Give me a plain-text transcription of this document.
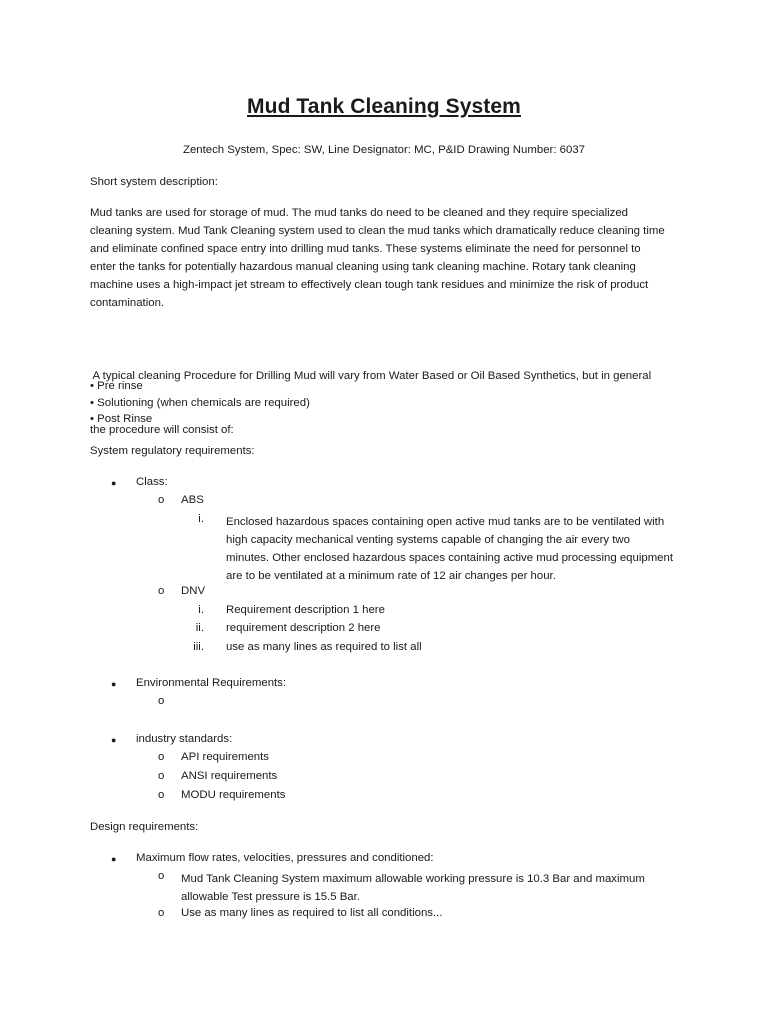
Mud Tank Cleaning System
Zentech System, Spec: SW, Line Designator: MC, P&ID Drawing Number: 6037
Short system description:
Mud tanks are used for storage of mud. The mud tanks do need to be cleaned and they require specialized
cleaning system. Mud Tank Cleaning system used to clean the mud tanks which dramatically reduce cleaning time
and eliminate confined space entry into drilling mud tanks. These systems eliminate the need for personnel to
enter the tanks for potentially hazardous manual cleaning using tank cleaning machine. Rotary tank cleaning
machine uses a high-impact jet stream to effectively clean tough tank residues and minimize the risk of product
contamination.

A typical cleaning Procedure for Drilling Mud will vary from Water Based or Oil Based Synthetics, but in general

the procedure will consist of:

• Pre rinse
• Solutioning (when chemicals are required)
• Post Rinse
System regulatory requirements:
● Class:
o ABS
i. Enclosed hazardous spaces containing open active mud tanks are to be ventilated with
high capacity mechanical venting systems capable of changing the air every two
minutes. Other enclosed hazardous spaces containing active mud processing equipment
are to be ventilated at a minimum rate of 12 air changes per hour.
o DNV
i. Requirement description 1 here
ii. requirement description 2 here
iii. use as many lines as required to list all
● Environmental Requirements:
o
● industry standards:
o API requirements
o ANSI requirements
o MODU requirements
Design requirements:
● Maximum flow rates, velocities, pressures and conditioned:
o Mud Tank Cleaning System maximum allowable working pressure is 10.3 Bar and maximum
allowable Test pressure is 15.5 Bar.
o Use as many lines as required to list all conditions...
